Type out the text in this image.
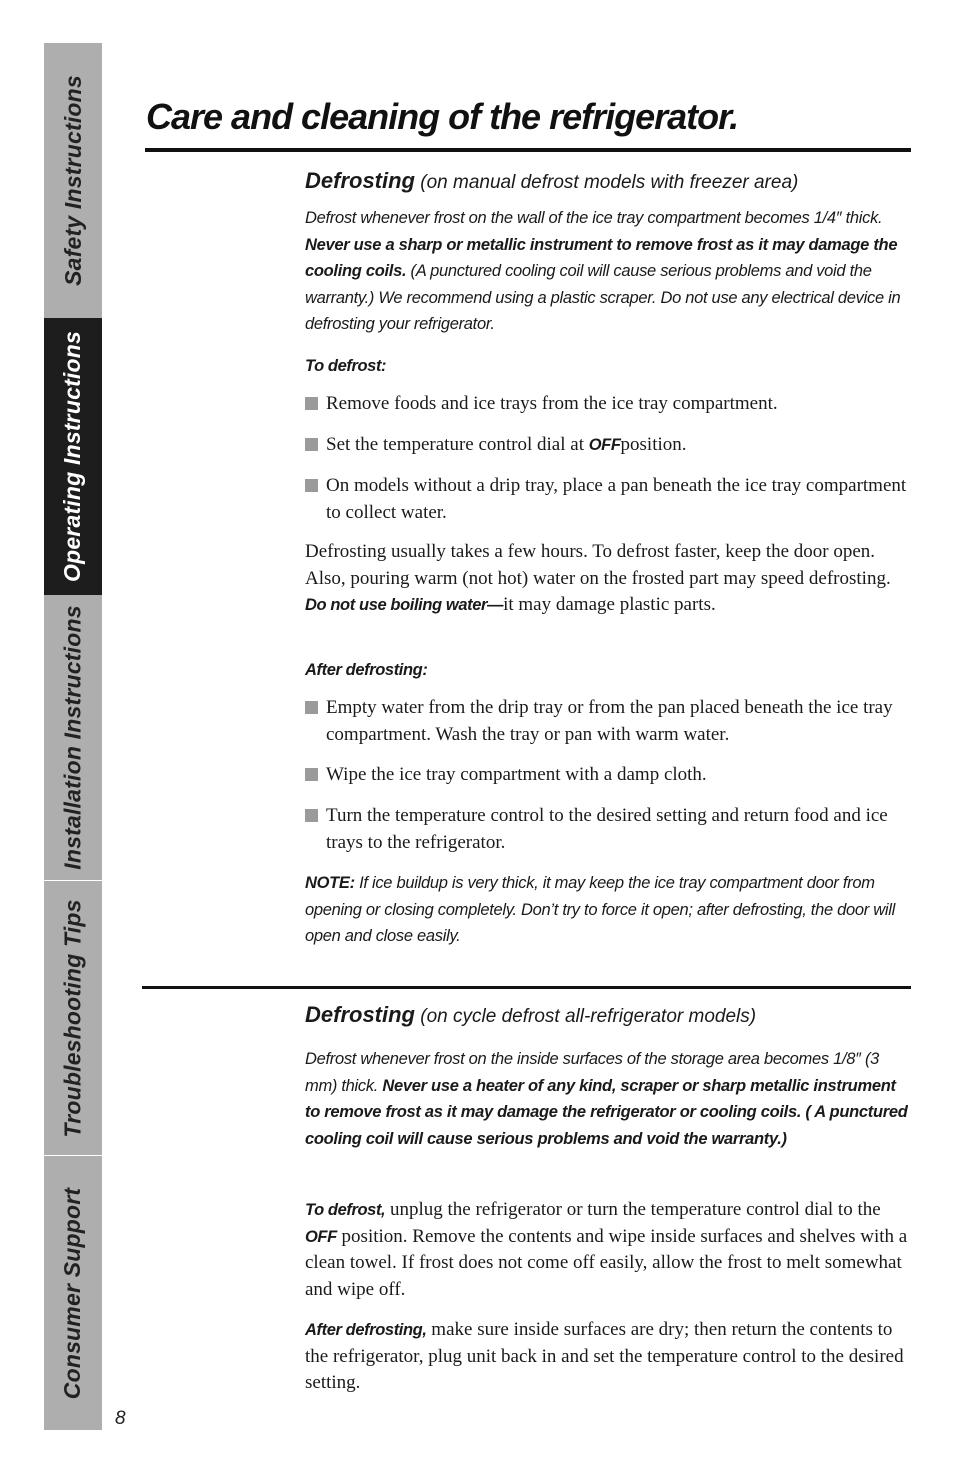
Safety Instructions
Operating Instructions
Installation Instructions
Troubleshooting Tips
Consumer Support
8
Care and cleaning of the refrigerator.

Defrosting (on manual defrost models with freezer area)

Defrost whenever frost on the wall of the ice tray compartment becomes 1/4″ thick. Never use a sharp or metallic instrument to remove frost as it may damage the cooling coils. (A punctured cooling coil will cause serious problems and void the warranty.) We recommend using a plastic scraper. Do not use any electrical device in defrosting your refrigerator.

To defrost:

Remove foods and ice trays from the ice tray compartment.

Set the temperature control dial at OFFposition.

On models without a drip tray, place a pan beneath the ice tray compartment to collect water.

Defrosting usually takes a few hours. To defrost faster, keep the door open. Also, pouring warm (not hot) water on the frosted part may speed defrosting. Do not use boiling water—it may damage plastic parts.

After defrosting:

Empty water from the drip tray or from the pan placed beneath the ice tray compartment. Wash the tray or pan with warm water.

Wipe the ice tray compartment with a damp cloth.

Turn the temperature control to the desired setting and return food and ice trays to the refrigerator.

NOTE: If ice buildup is very thick, it may keep the ice tray compartment door from opening or closing completely. Don’t try to force it open; after defrosting, the door will open and close easily.

Defrosting (on cycle defrost all-refrigerator models)

Defrost whenever frost on the inside surfaces of the storage area becomes 1/8″ (3 mm) thick. Never use a heater of any kind, scraper or sharp metallic instrument to remove frost as it may damage the refrigerator or cooling coils. ( A punctured cooling coil will cause serious problems and void the warranty.)

To defrost, unplug the refrigerator or turn the temperature control dial to the OFF position. Remove the contents and wipe inside surfaces and shelves with a clean towel. If frost does not come off easily, allow the frost to melt somewhat and wipe off.

After defrosting, make sure inside surfaces are dry; then return the contents to the refrigerator, plug unit back in and set the temperature control to the desired setting.
